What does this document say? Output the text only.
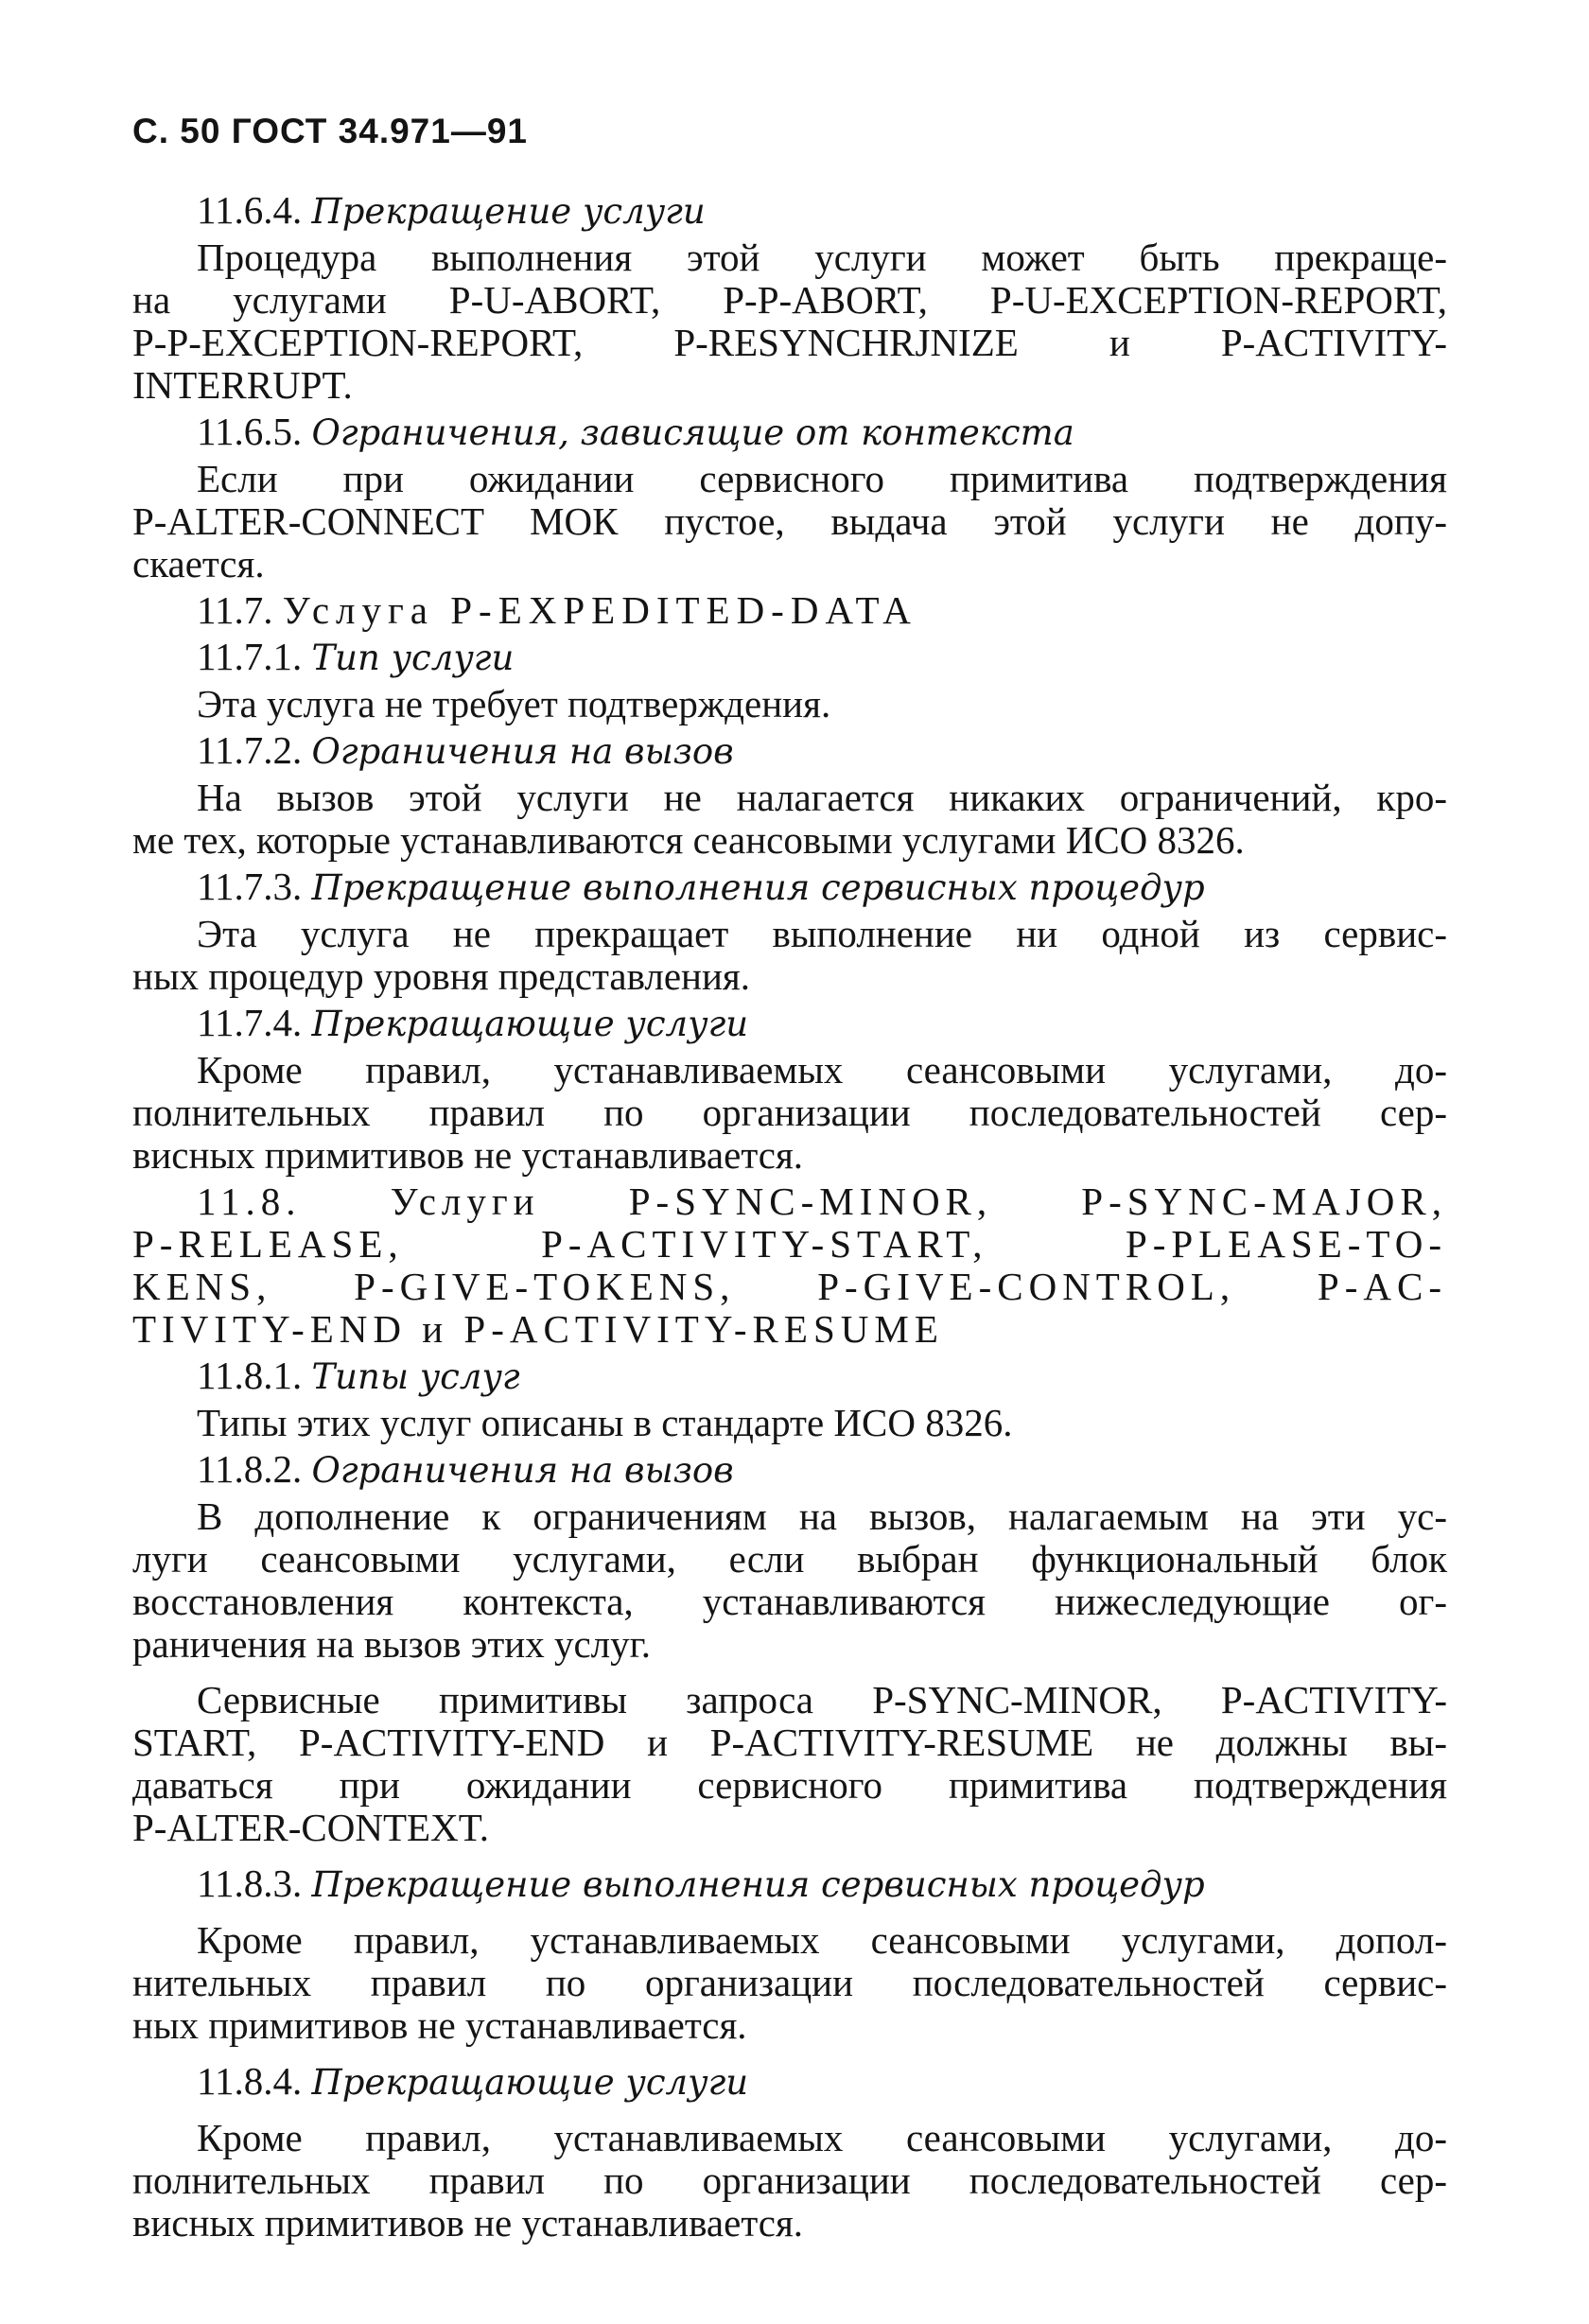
С. 50 ГОСТ 34.971—91
11.6.4. Прекращение услуги
Процедура выполнения этой услуги может быть прекраще-
на услугами P-U-ABORT, P-P-ABORT, P-U-EXCEPTION-REPORT,
P-P-EXCEPTION-REPORT, P-RESYNCHRJNIZE и P-ACTIVITY-
INTERRUPT.
11.6.5. Ограничения, зависящие от контекста
Если при ожидании сервисного примитива подтверждения
P-ALTER-CONNECT МОК пустое, выдача этой услуги не допу-
скается.
11.7. Услуга P-EXPEDITED-DATA
11.7.1. Тип услуги
Эта услуга не требует подтверждения.
11.7.2. Ограничения на вызов
На вызов этой услуги не налагается никаких ограничений, кро-
ме тех, которые устанавливаются сеансовыми услугами ИСО 8326.
11.7.3. Прекращение выполнения сервисных процедур
Эта услуга не прекращает выполнение ни одной из сервис-
ных процедур уровня представления.
11.7.4. Прекращающие услуги
Кроме правил, устанавливаемых сеансовыми услугами, до-
полнительных правил по организации последовательностей сер-
висных примитивов не устанавливается.
11.8. Услуги P-SYNC-MINOR, P-SYNC-MAJOR,
P-RELEASE, P-ACTIVITY-START, P-PLEASE-TO-
KENS, P-GIVE-TOKENS, P-GIVE-CONTROL, P-AC-
TIVITY-END и P-ACTIVITY-RESUME
11.8.1. Типы услуг
Типы этих услуг описаны в стандарте ИСО 8326.
11.8.2. Ограничения на вызов
В дополнение к ограничениям на вызов, налагаемым на эти ус-
луги сеансовыми услугами, если выбран функциональный блок
восстановления контекста, устанавливаются нижеследующие ог-
раничения на вызов этих услуг.
Сервисные примитивы запроса P-SYNC-MINOR, P-ACTIVITY-
START, P-ACTIVITY-END и P-ACTIVITY-RESUME не должны вы-
даваться при ожидании сервисного примитива подтверждения
P-ALTER-CONTEXT.
11.8.3. Прекращение выполнения сервисных процедур
Кроме правил, устанавливаемых сеансовыми услугами, допол-
нительных правил по организации последовательностей сервис-
ных примитивов не устанавливается.
11.8.4. Прекращающие услуги
Кроме правил, устанавливаемых сеансовыми услугами, до-
полнительных правил по организации последовательностей сер-
висных примитивов не устанавливается.
